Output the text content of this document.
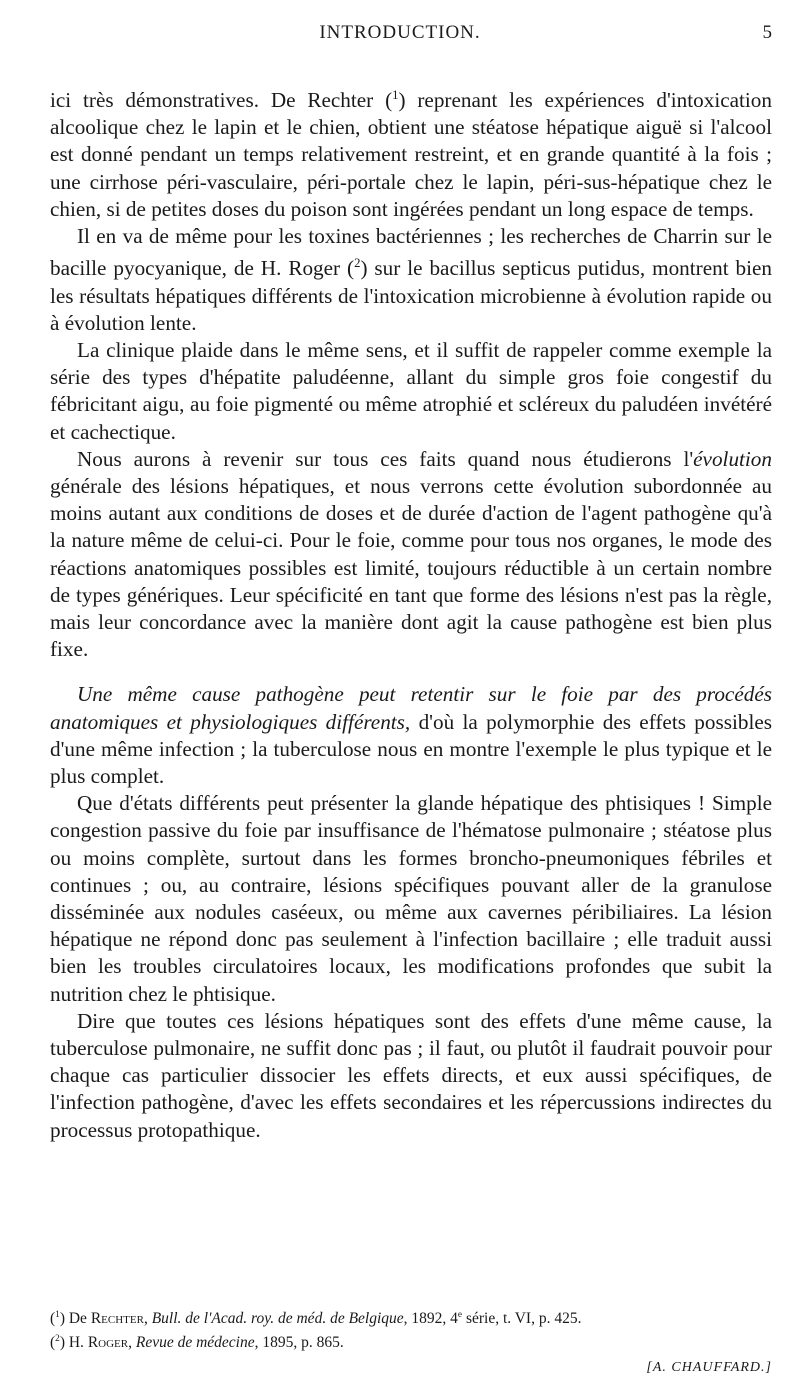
INTRODUCTION.	5

ici très démonstratives. De Rechter ($^1$) reprenant les expériences d'intoxication alcoolique chez le lapin et le chien, obtient une stéatose hépatique aiguë si l'alcool est donné pendant un temps relativement restreint, et en grande quantité à la fois ; une cirrhose péri-vasculaire, péri-portale chez le lapin, péri-sus-hépatique chez le chien, si de petites doses du poison sont ingérées pendant un long espace de temps.

Il en va de même pour les toxines bactériennes ; les recherches de Charrin sur le bacille pyocyanique, de H. Roger ($^2$) sur le bacillus septicus putidus, montrent bien les résultats hépatiques différents de l'intoxication microbienne à évolution rapide ou à évolution lente.

La clinique plaide dans le même sens, et il suffit de rappeler comme exemple la série des types d'hépatite paludéenne, allant du simple gros foie congestif du fébricitant aigu, au foie pigmenté ou même atrophié et scléreux du paludéen invétéré et cachectique.

Nous aurons à revenir sur tous ces faits quand nous étudierons l'évolution générale des lésions hépatiques, et nous verrons cette évolution subordonnée au moins autant aux conditions de doses et de durée d'action de l'agent pathogène qu'à la nature même de celui-ci. Pour le foie, comme pour tous nos organes, le mode des réactions anatomiques possibles est limité, toujours réductible à un certain nombre de types génériques. Leur spécificité en tant que forme des lésions n'est pas la règle, mais leur concordance avec la manière dont agit la cause pathogène est bien plus fixe.

Une même cause pathogène peut retentir sur le foie par des procédés anatomiques et physiologiques différents, d'où la polymorphie des effets possibles d'une même infection ; la tuberculose nous en montre l'exemple le plus typique et le plus complet.

Que d'états différents peut présenter la glande hépatique des phtisiques ! Simple congestion passive du foie par insuffisance de l'hématose pulmonaire ; stéatose plus ou moins complète, surtout dans les formes broncho-pneumoniques fébriles et continues ; ou, au contraire, lésions spécifiques pouvant aller de la granulose disséminée aux nodules caséeux, ou même aux cavernes péribiliaires. La lésion hépatique ne répond donc pas seulement à l'infection bacillaire ; elle traduit aussi bien les troubles circulatoires locaux, les modifications profondes que subit la nutrition chez le phtisique.

Dire que toutes ces lésions hépatiques sont des effets d'une même cause, la tuberculose pulmonaire, ne suffit donc pas ; il faut, ou plutôt il faudrait pouvoir pour chaque cas particulier dissocier les effets directs, et eux aussi spécifiques, de l'infection pathogène, d'avec les effets secondaires et les répercussions indirectes du processus protopathique.

($^1$) De Rechter, Bull. de l'Acad. roy. de méd. de Belgique, 1892, 4e série, t. VI, p. 425.

($^2$) H. Roger, Revue de médecine, 1895, p. 865.

[A. CHAUFFARD.]
